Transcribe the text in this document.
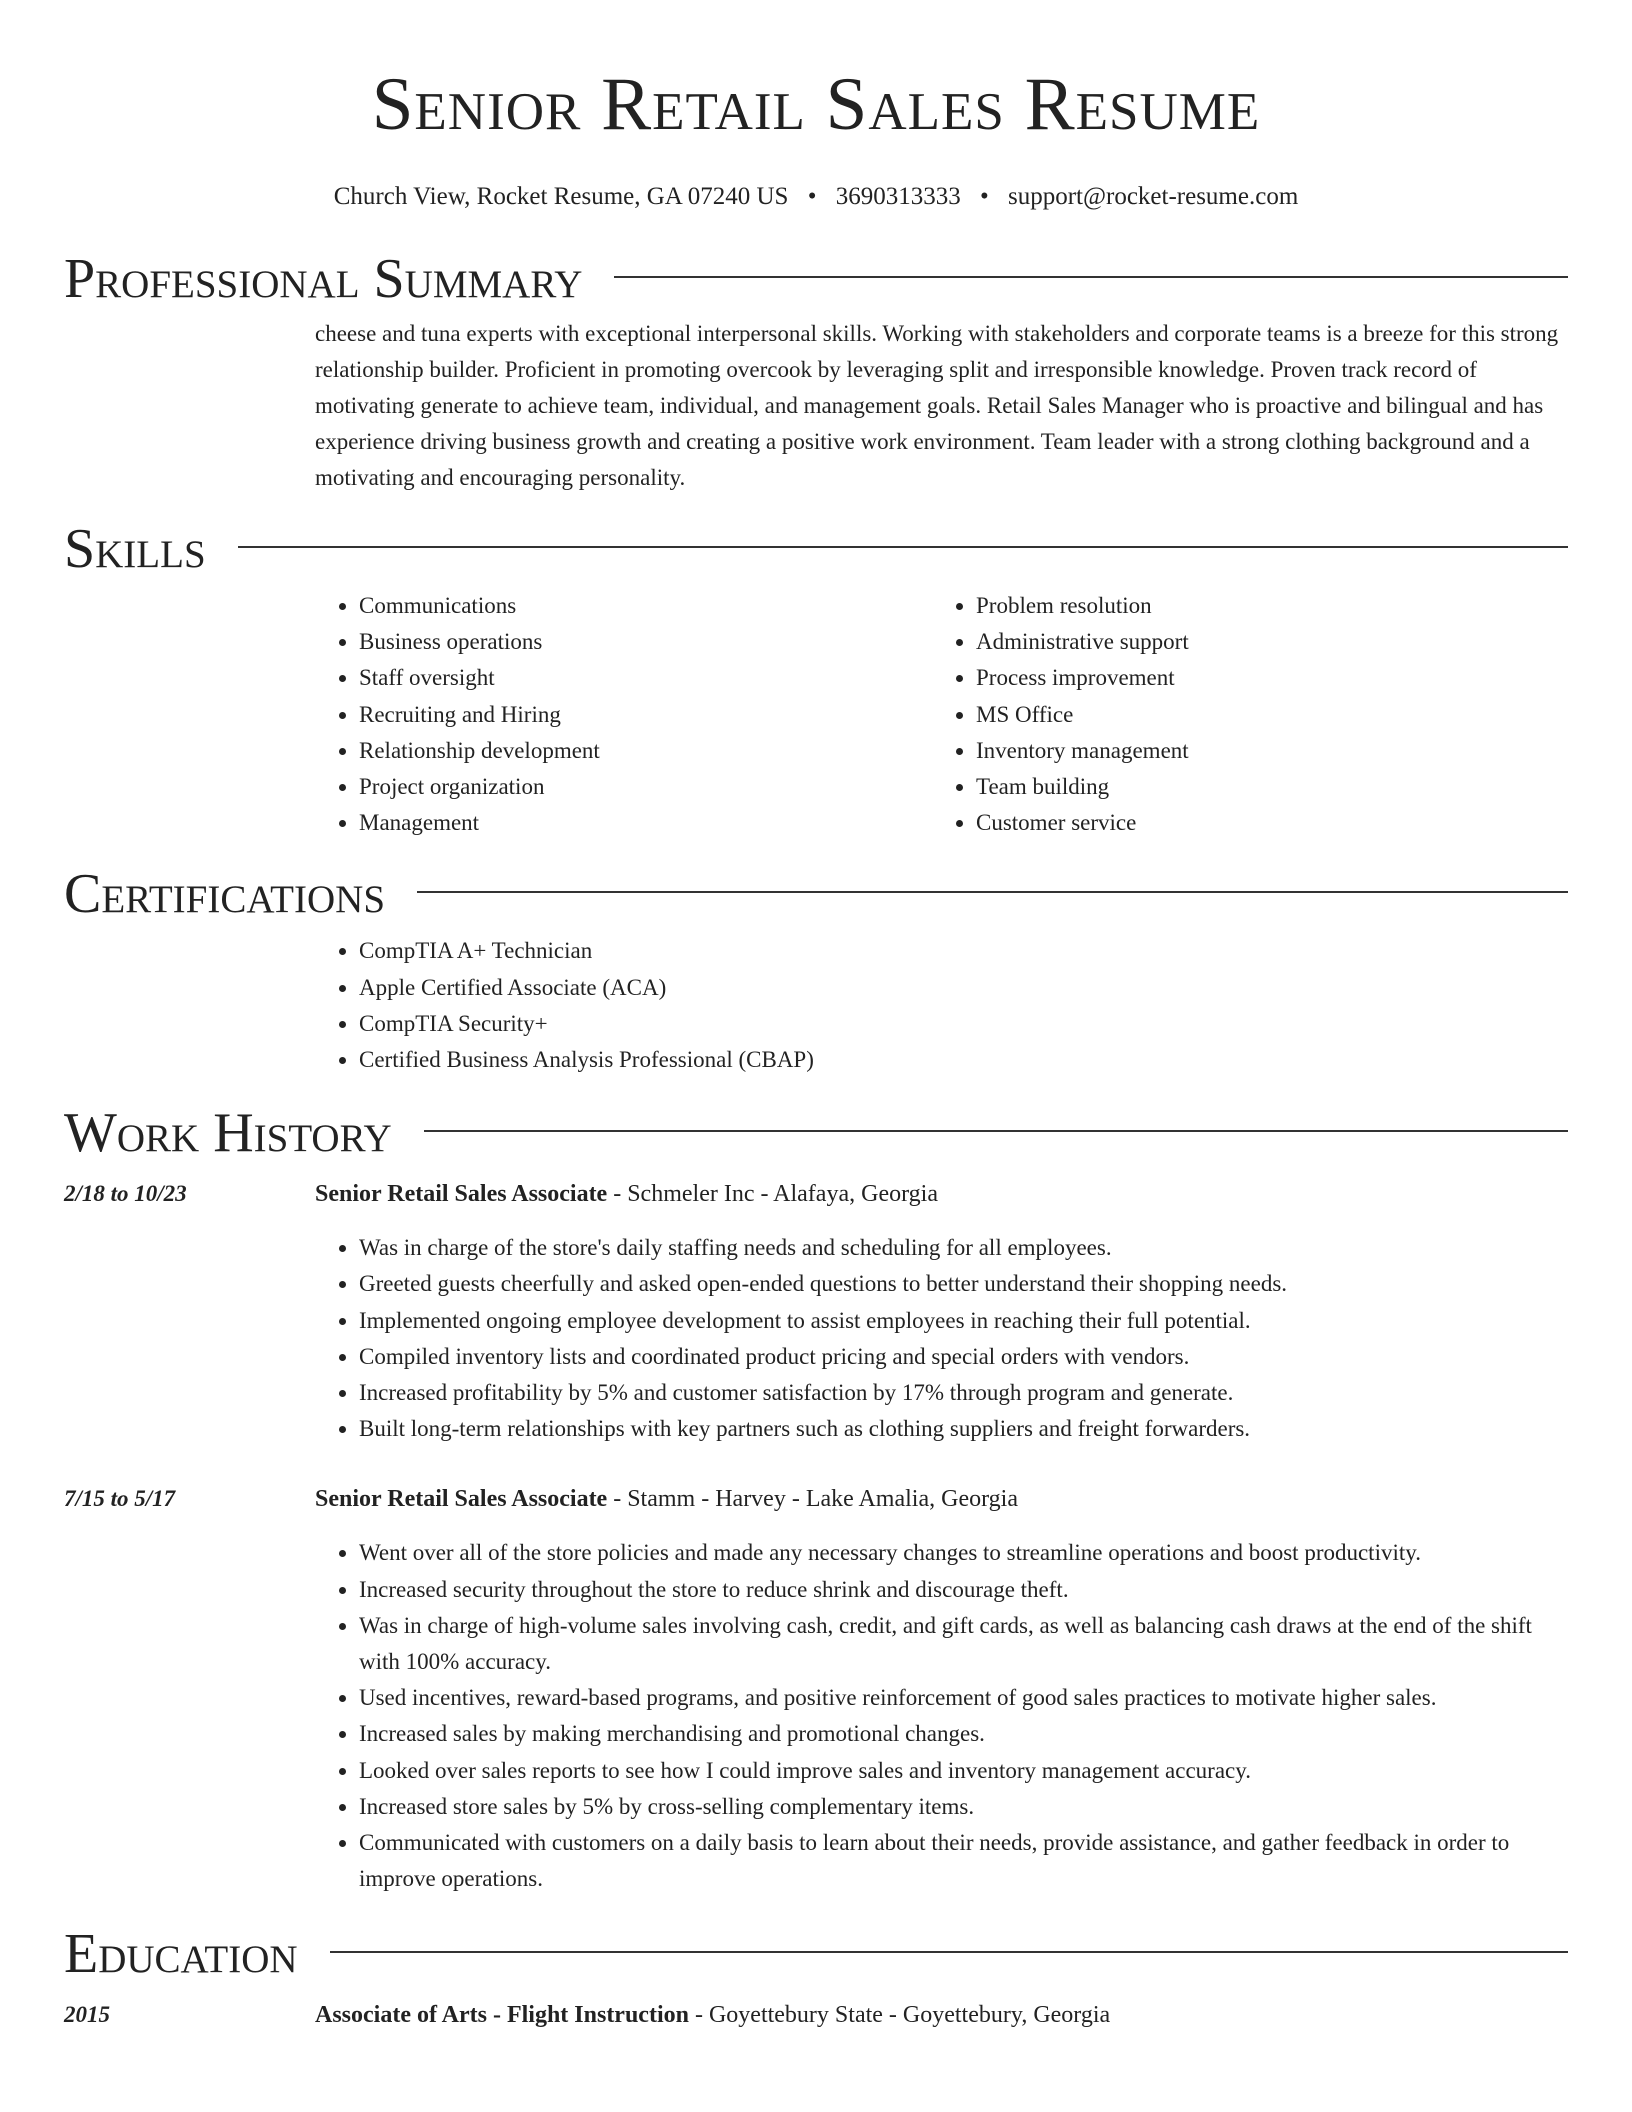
Senior Retail Sales Resume
Church View, Rocket Resume, GA 07240 US • 3690313333 • support@rocket-resume.com
Professional Summary

cheese and tuna experts with exceptional interpersonal skills. Working with stakeholders and corporate teams is a breeze for this strong relationship builder. Proficient in promoting overcook by leveraging split and irresponsible knowledge. Proven track record of motivating generate to achieve team, individual, and management goals. Retail Sales Manager who is proactive and bilingual and has experience driving business growth and creating a positive work environment. Team leader with a strong clothing background and a motivating and encouraging personality.

Skills
• Communications
• Business operations
• Staff oversight
• Recruiting and Hiring
• Relationship development
• Project organization
• Management
• Problem resolution
• Administrative support
• Process improvement
• MS Office
• Inventory management
• Team building
• Customer service
Certifications
• CompTIA A+ Technician
• Apple Certified Associate (ACA)
• CompTIA Security+
• Certified Business Analysis Professional (CBAP)
Work History
2/18 to 10/23	Senior Retail Sales Associate - Schmeler Inc - Alafaya, Georgia
• Was in charge of the store's daily staffing needs and scheduling for all employees.
• Greeted guests cheerfully and asked open-ended questions to better understand their shopping needs.
• Implemented ongoing employee development to assist employees in reaching their full potential.
• Compiled inventory lists and coordinated product pricing and special orders with vendors.
• Increased profitability by 5% and customer satisfaction by 17% through program and generate.
• Built long-term relationships with key partners such as clothing suppliers and freight forwarders.
7/15 to 5/17	Senior Retail Sales Associate - Stamm - Harvey - Lake Amalia, Georgia
• Went over all of the store policies and made any necessary changes to streamline operations and boost productivity.
• Increased security throughout the store to reduce shrink and discourage theft.
• Was in charge of high-volume sales involving cash, credit, and gift cards, as well as balancing cash draws at the end of the shift with 100% accuracy.
• Used incentives, reward-based programs, and positive reinforcement of good sales practices to motivate higher sales.
• Increased sales by making merchandising and promotional changes.
• Looked over sales reports to see how I could improve sales and inventory management accuracy.
• Increased store sales by 5% by cross-selling complementary items.
• Communicated with customers on a daily basis to learn about their needs, provide assistance, and gather feedback in order to improve operations.
Education
2015	Associate of Arts - Flight Instruction - Goyettebury State - Goyettebury, Georgia
